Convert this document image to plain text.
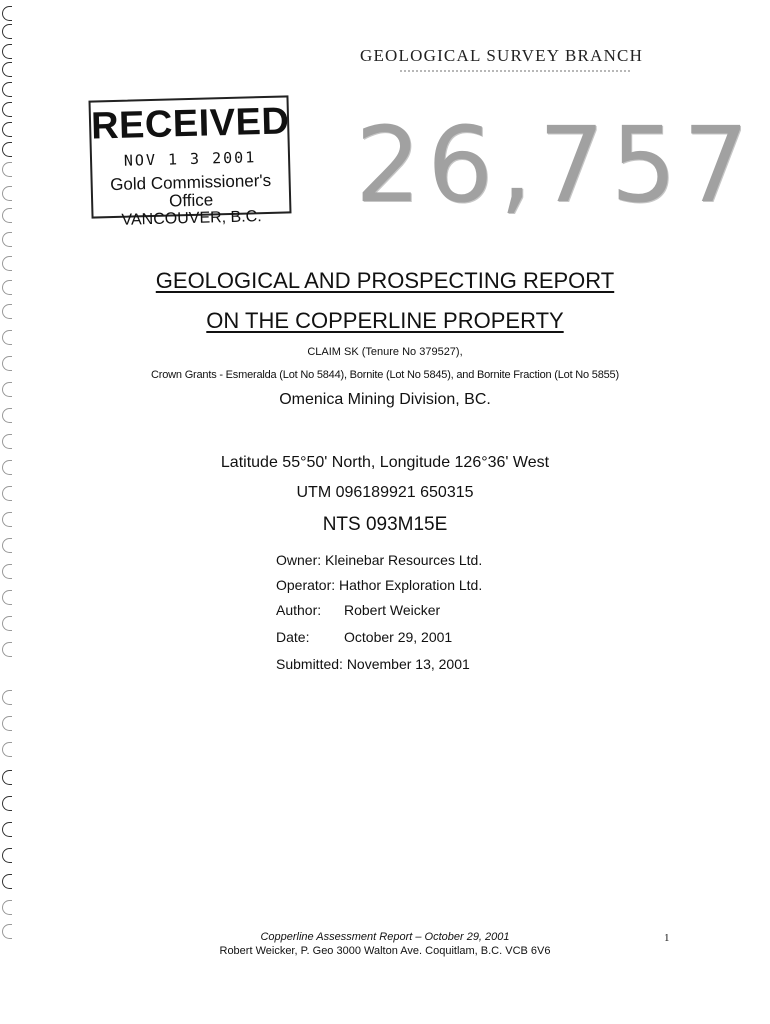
GEOLOGICAL SURVEY BRANCH
RECEIVED
NOV 1 3 2001
Gold Commissioner's Office
VANCOUVER, B.C. 26,757
GEOLOGICAL AND PROSPECTING REPORT
ON THE COPPERLINE PROPERTY
CLAIM SK (Tenure No 379527),
Crown Grants - Esmeralda (Lot No 5844), Bornite (Lot No 5845), and Bornite Fraction (Lot No 5855)
Omenica Mining Division, BC.
Latitude 55°50' North, Longitude 126°36' West
UTM 096189921 650315
NTS 093M15E
Owner: Kleinebar Resources Ltd.
Operator: Hathor Exploration Ltd.
Author: Robert Weicker
Date: October 29, 2001
Submitted: November 13, 2001
Copperline Assessment Report – October 29, 2001
Robert Weicker, P. Geo 3000 Walton Ave. Coquitlam, B.C. VCB 6V6
1
